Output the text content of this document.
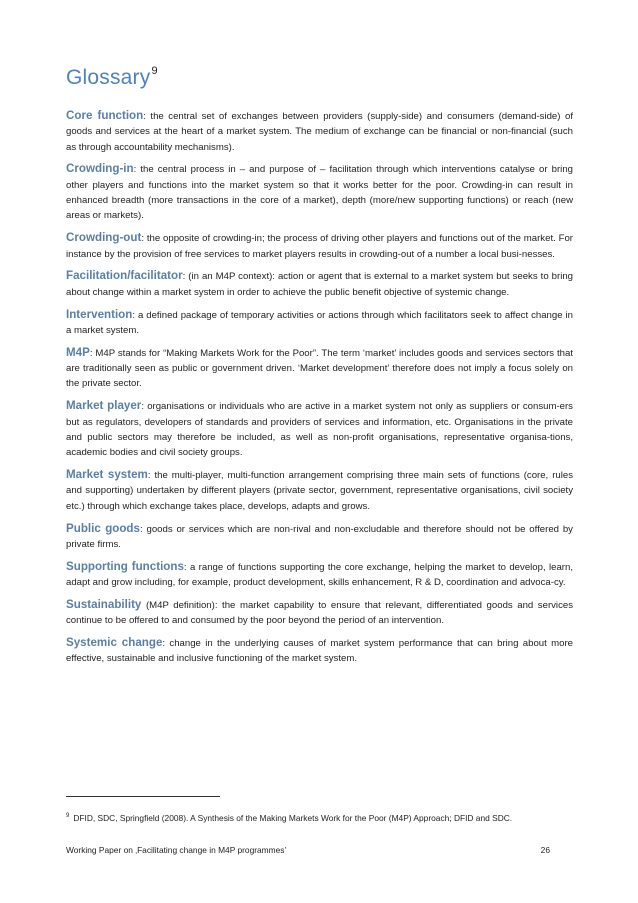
Glossary$^9$

Core function: the central set of exchanges between providers (supply-side) and consumers (demand-side) of goods and services at the heart of a market system. The medium of exchange can be financial or non-financial (such as through accountability mechanisms).

Crowding-in: the central process in – and purpose of – facilitation through which interventions catalyse or bring other players and functions into the market system so that it works better for the poor. Crowding-in can result in enhanced breadth (more transactions in the core of a market), depth (more/new supporting functions) or reach (new areas or markets).

Crowding-out: the opposite of crowding-in; the process of driving other players and functions out of the market. For instance by the provision of free services to market players results in crowding-out of a number a local busi-nesses.

Facilitation/facilitator: (in an M4P context): action or agent that is external to a market system but seeks to bring about change within a market system in order to achieve the public benefit objective of systemic change.

Intervention: a defined package of temporary activities or actions through which facilitators seek to affect change in a market system.

M4P: M4P stands for “Making Markets Work for the Poor”. The term ‘market’ includes goods and services sectors that are traditionally seen as public or government driven. ‘Market development’ therefore does not imply a focus solely on the private sector.

Market player: organisations or individuals who are active in a market system not only as suppliers or consum-ers but as regulators, developers of standards and providers of services and information, etc. Organisations in the private and public sectors may therefore be included, as well as non-profit organisations, representative organisa-tions, academic bodies and civil society groups.

Market system: the multi-player, multi-function arrangement comprising three main sets of functions (core, rules and supporting) undertaken by different players (private sector, government, representative organisations, civil society etc.) through which exchange takes place, develops, adapts and grows.

Public goods: goods or services which are non-rival and non-excludable and therefore should not be offered by private firms.

Supporting functions: a range of functions supporting the core exchange, helping the market to develop, learn, adapt and grow including, for example, product development, skills enhancement, R & D, coordination and advoca-cy.

Sustainability (M4P definition): the market capability to ensure that relevant, differentiated goods and services continue to be offered to and consumed by the poor beyond the period of an intervention.

Systemic change: change in the underlying causes of market system performance that can bring about more effective, sustainable and inclusive functioning of the market system.

$^9$ DFID, SDC, Springfield (2008). A Synthesis of the Making Markets Work for the Poor (M4P) Approach; DFID and SDC.
Working Paper on ‚Facilitating change in M4P programmes’	26
